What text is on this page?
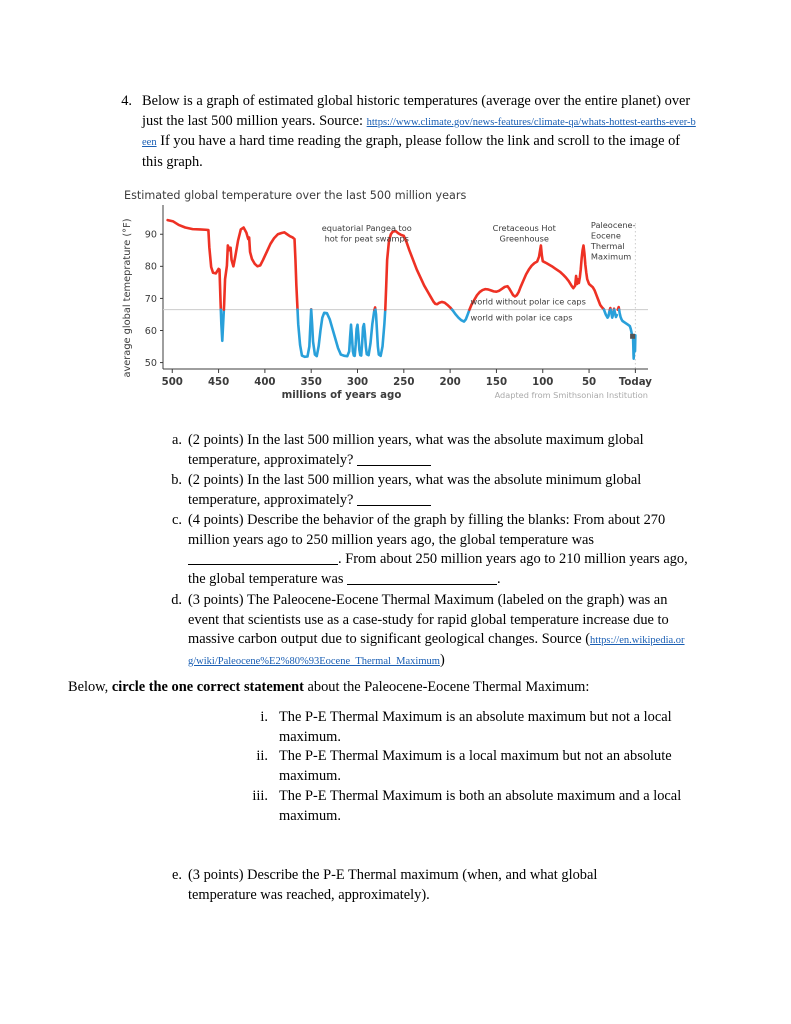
4. Below is a graph of estimated global historic temperatures (average over the entire planet) over just the last 500 million years. Source: https://www.climate.gov/news-features/climate-qa/whats-hottest-earths-ever-been If you have a hard time reading the graph, please follow the link and scroll to the image of this graph.
Estimated global temperature over the last 500 million years
50
60
70
80
90
500 450 400 350 300 250 200 150 100	50 Today
average global temeprature (°F)
millions of years ago
equatorial Pangea too
hot for peat swamps
Cretaceous Hot
Greenhouse
Paleocene-
Eocene
Thermal
Maximum
world without polar ice caps
world with polar ice caps
Adapted from Smithsonian Institution
a. (2 points) In the last 500 million years, what was the absolute maximum global temperature, approximately?
b. (2 points) In the last 500 million years, what was the absolute minimum global temperature, approximately?
c. (4 points) Describe the behavior of the graph by filling the blanks: From about 270 million years ago to 250 million years ago, the global temperature was . From about 250 million years ago to 210 million years ago, the global temperature was	.
d. (3 points) The Paleocene-Eocene Thermal Maximum (labeled on the graph) was an event that scientists use as a case-study for rapid global temperature increase due to massive carbon output due to significant geological changes. Source (https://en.wikipedia.org/wiki/Paleocene%E2%80%93Eocene_Thermal_Maximum)
Below, circle the one correct statement about the Paleocene-Eocene Thermal Maximum:
i. The P-E Thermal Maximum is an absolute maximum but not a local maximum.
ii. The P-E Thermal Maximum is a local maximum but not an absolute maximum.
iii. The P-E Thermal Maximum is both an absolute maximum and a local maximum.
e. (3 points) Describe the P-E Thermal maximum (when, and what global temperature was reached, approximately).
